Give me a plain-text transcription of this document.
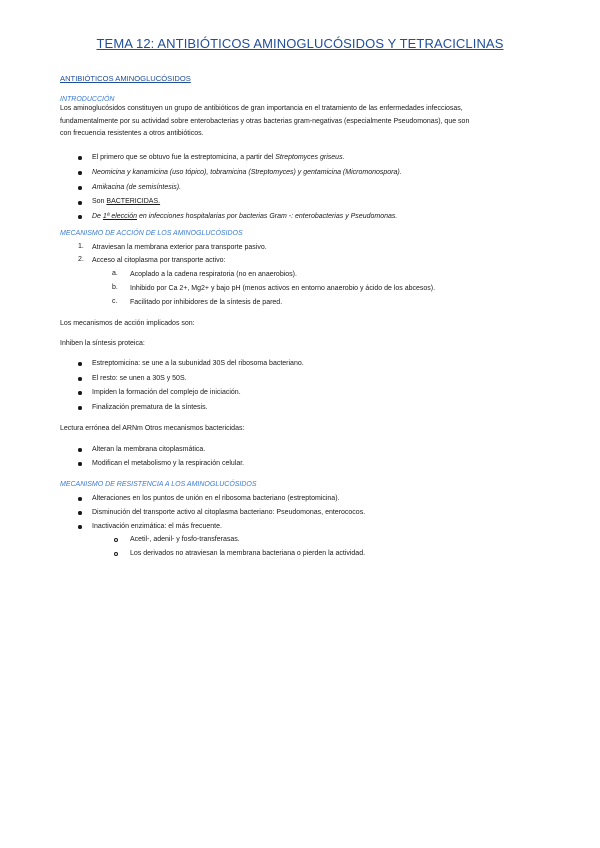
TEMA 12: ANTIBIÓTICOS AMINOGLUCÓSIDOS Y TETRACICLINAS
ANTIBIÓTICOS AMINOGLUCÓSIDOS
INTRODUCCIÓN
Los aminoglucósidos constituyen un grupo de antibióticos de gran importancia en el tratamiento de las enfermedades infecciosas,
fundamentalmente por su actividad sobre enterobacterias y otras bacterias gram-negativas (especialmente Pseudomonas), que son
con frecuencia resistentes a otros antibióticos.
El primero que se obtuvo fue la estreptomicina, a partir del Streptomyces griseus.
Neomicina y kanamicina (uso tópico), tobramicina (Streptomyces) y gentamicina (Micromonospora).
Amikacina (de semisíntesis).
Son BACTERICIDAS.
De 1ª elección en infecciones hospitalarias por bacterias Gram -: enterobacterias y Pseudomonas.
MECANISMO DE ACCIÓN DE LOS AMINOGLUCÓSIDOS
1. Atraviesan la membrana exterior para transporte pasivo.
2. Acceso al citoplasma por transporte activo:
a. Acoplado a la cadena respiratoria (no en anaerobios).
b. Inhibido por Ca 2+, Mg2+ y bajo pH (menos activos en entorno anaerobio y ácido de los abcesos).
c. Facilitado por inhibidores de la síntesis de pared.
Los mecanismos de acción implicados son:
Inhiben la síntesis proteica:
Estreptomicina: se une a la subunidad 30S del ribosoma bacteriano.
El resto: se unen a 30S y 50S.
Impiden la formación del complejo de iniciación.
Finalización prematura de la síntesis.
Lectura errónea del ARNm Otros mecanismos bactericidas:
Alteran la membrana citoplasmática.
Modifican el metabolismo y la respiración celular.
MECANISMO DE RESISTENCIA A LOS AMINOGLUCÓSIDOS
Alteraciones en los puntos de unión en el ribosoma bacteriano (estreptomicina).
Disminución del transporte activo al citoplasma bacteriano: Pseudomonas, enterococos.
Inactivación enzimática: el más frecuente.
Acetil-, adenil- y fosfo-transferasas.
Los derivados no atraviesan la membrana bacteriana o pierden la actividad.
